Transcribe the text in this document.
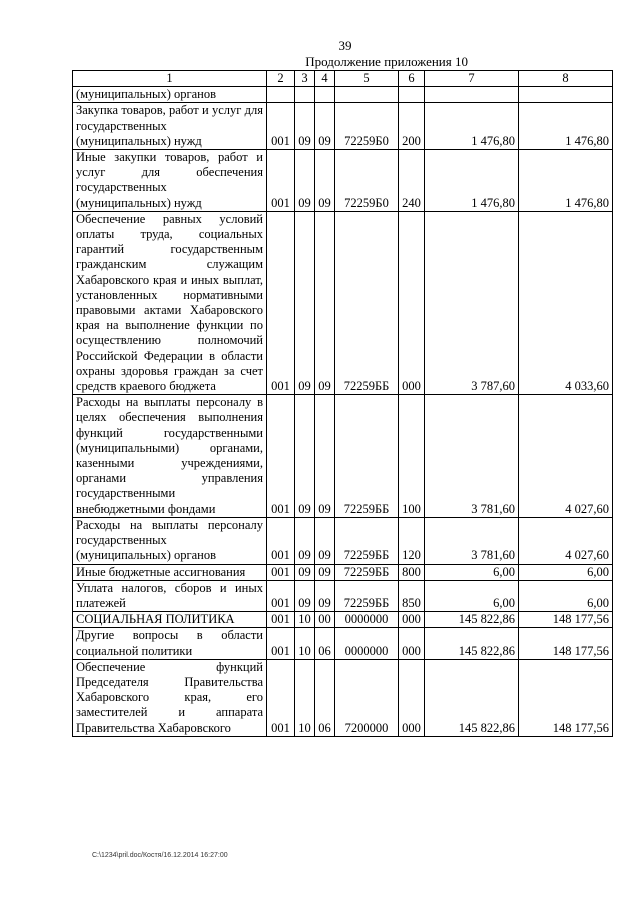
39
Продолжение приложения 10
1	2	3	4	5	6	7	8
(муниципальных) органов							
Закупка товаров, работ и услуг для государственных (муниципальных) нужд	001	09	09	72259Б0	200	1 476,80	1 476,80
Иные закупки товаров, работ и услуг для обеспечения государственных (муниципальных) нужд	001	09	09	72259Б0	240	1 476,80	1 476,80
Обеспечение равных условий оплаты труда, социальных гарантий государственным гражданским служащим Хабаровского края и иных выплат, установленных нормативными правовыми актами Хабаровского края на выполнение функции по осуществлению полномочий Российской Федерации в области охраны здоровья граждан за счет средств краевого бюджета	001	09	09	72259ББ	000	3 787,60	4 033,60
Расходы на выплаты персоналу в целях обеспечения выполнения функций государственными (муниципальными) органами, казенными учреждениями, органами управления государственными внебюджетными фондами	001	09	09	72259ББ	100	3 781,60	4 027,60
Расходы на выплаты персоналу государственных (муниципальных) органов	001	09	09	72259ББ	120	3 781,60	4 027,60
Иные бюджетные ассигнования	001	09	09	72259ББ	800	6,00	6,00
Уплата налогов, сборов и иных платежей	001	09	09	72259ББ	850	6,00	6,00
СОЦИАЛЬНАЯ ПОЛИТИКА	001	10	00	0000000	000	145 822,86	148 177,56
Другие вопросы в области социальной политики	001	10	06	0000000	000	145 822,86	148 177,56
Обеспечение функций Председателя Правительства Хабаровского края, его заместителей и аппарата Правительства Хабаровского	001	10	06	7200000	000	145 822,86	148 177,56
C:\1234\pril.doc/Костя/16.12.2014 16:27:00
